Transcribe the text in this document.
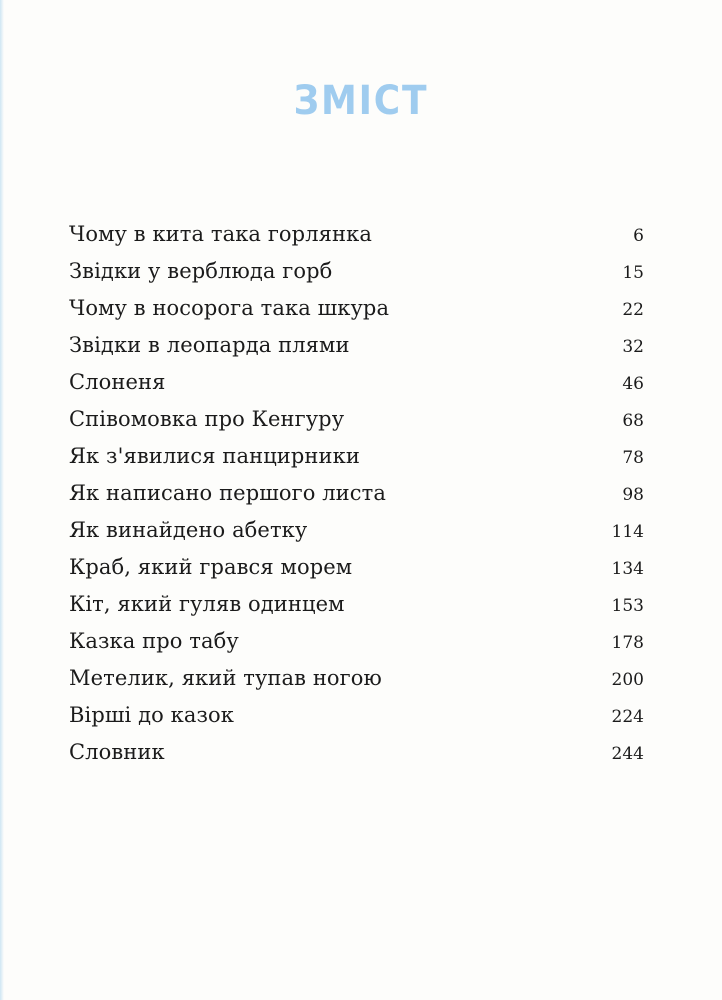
ЗМІСТ
Чому в кита така горлянка	6
Звідки у верблюда горб	15
Чому в носорога така шкура	22
Звідки в леопарда плями	32
Слоненя	46
Співомовка про Кенгуру	68
Як з'явилися панцирники	78
Як написано першого листа	98
Як винайдено абетку	114
Краб, який грався морем	134
Кіт, який гуляв одинцем	153
Казка про табу	178
Метелик, який тупав ногою	200
Вірші до казок	224
Словник	244
